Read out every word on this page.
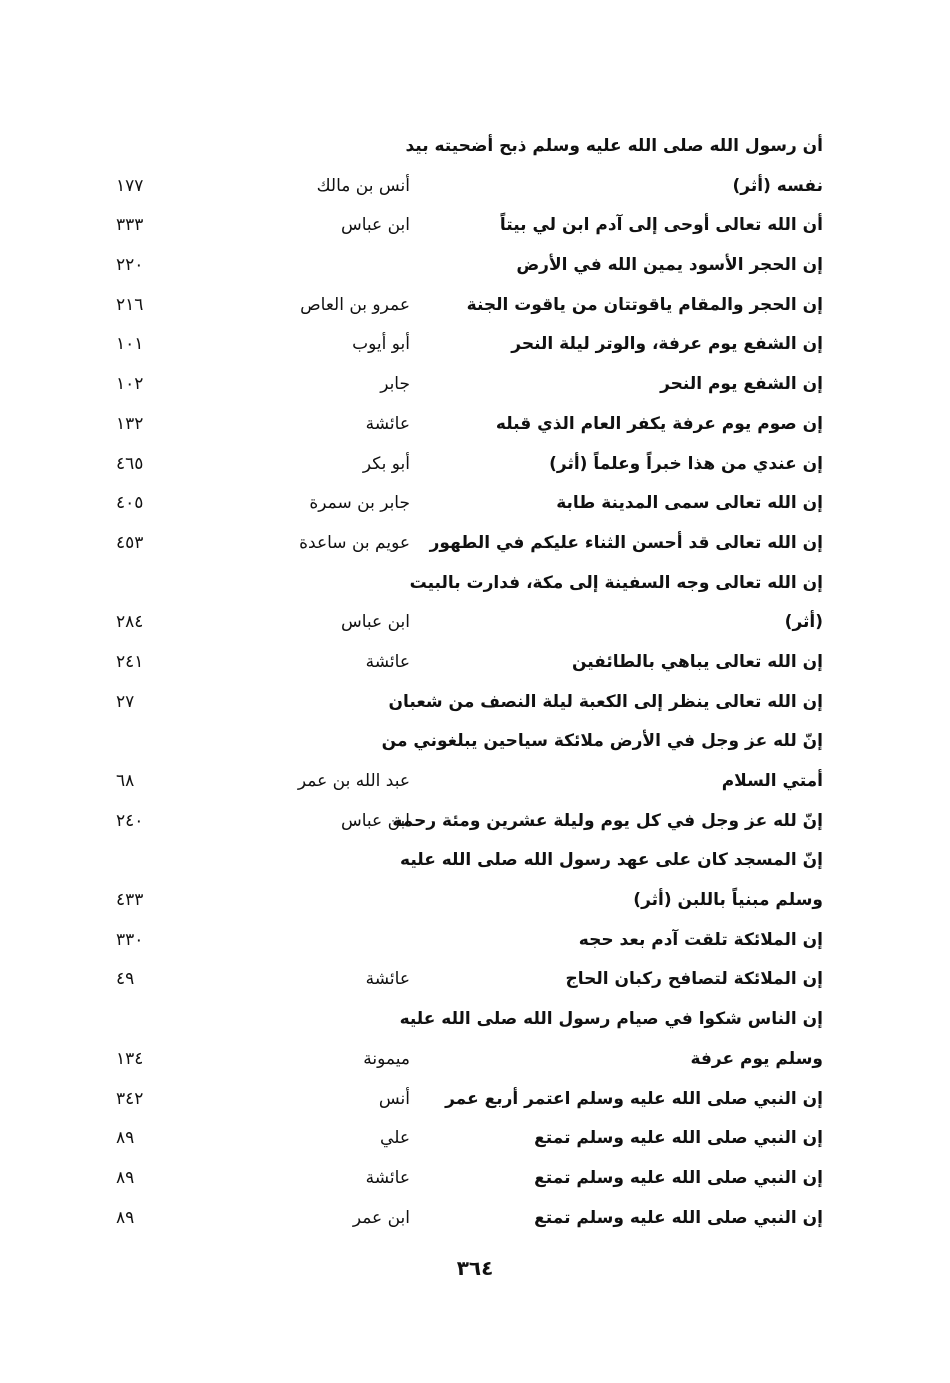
أن رسول الله صلى الله عليه وسلم ذبح أضحيته بيد
نفسه (أثر)
أنس بن مالك
١٧٧
أن الله تعالى أوحى إلى آدم ابن لي بيتاً
ابن عباس
٣٣٣
إن الحجر الأسود يمين الله في الأرض
٢٢٠
إن الحجر والمقام ياقوتتان من ياقوت الجنة
عمرو بن العاص
٢١٦
إن الشفع يوم عرفة، والوتر ليلة النحر
أبو أيوب
١٠١
إن الشفع يوم النحر
جابر
١٠٢
إن صوم يوم عرفة يكفر العام الذي قبله
عائشة
١٣٢
إن عندي من هذا خبراً وعلماً (أثر)
أبو بكر
٤٦٥
إن الله تعالى سمى المدينة طابة
جابر بن سمرة
٤٠٥
إن الله تعالى قد أحسن الثناء عليكم في الطهور
عويم بن ساعدة
٤٥٣
إن الله تعالى وجه السفينة إلى مكة، فدارت بالبيت
(أثر)
ابن عباس
٢٨٤
إن الله تعالى يباهي بالطائفين
عائشة
٢٤١
إن الله تعالى ينظر إلى الكعبة ليلة النصف من شعبان
٢٧
إنّ لله عز وجل في الأرض ملائكة سياحين يبلغوني من
أمتي السلام
عبد الله بن عمر
٦٨
إنّ لله عز وجل في كل يوم وليلة عشرين ومئة رحمة
ابن عباس
٢٤٠
إنّ المسجد كان على عهد رسول الله صلى الله عليه
وسلم مبنياً باللبن (أثر)
٤٣٣
إن الملائكة تلقت آدم بعد حجه
٣٣٠
إن الملائكة لتصافح ركبان الحاج
عائشة
٤٩
إن الناس شكوا في صيام رسول الله صلى الله عليه
وسلم يوم عرفة
ميمونة
١٣٤
إن النبي صلى الله عليه وسلم اعتمر أربع عمر
أنس
٣٤٢
إن النبي صلى الله عليه وسلم تمتع
علي
٨٩
إن النبي صلى الله عليه وسلم تمتع
عائشة
٨٩
إن النبي صلى الله عليه وسلم تمتع
ابن عمر
٨٩
٣٦٤
